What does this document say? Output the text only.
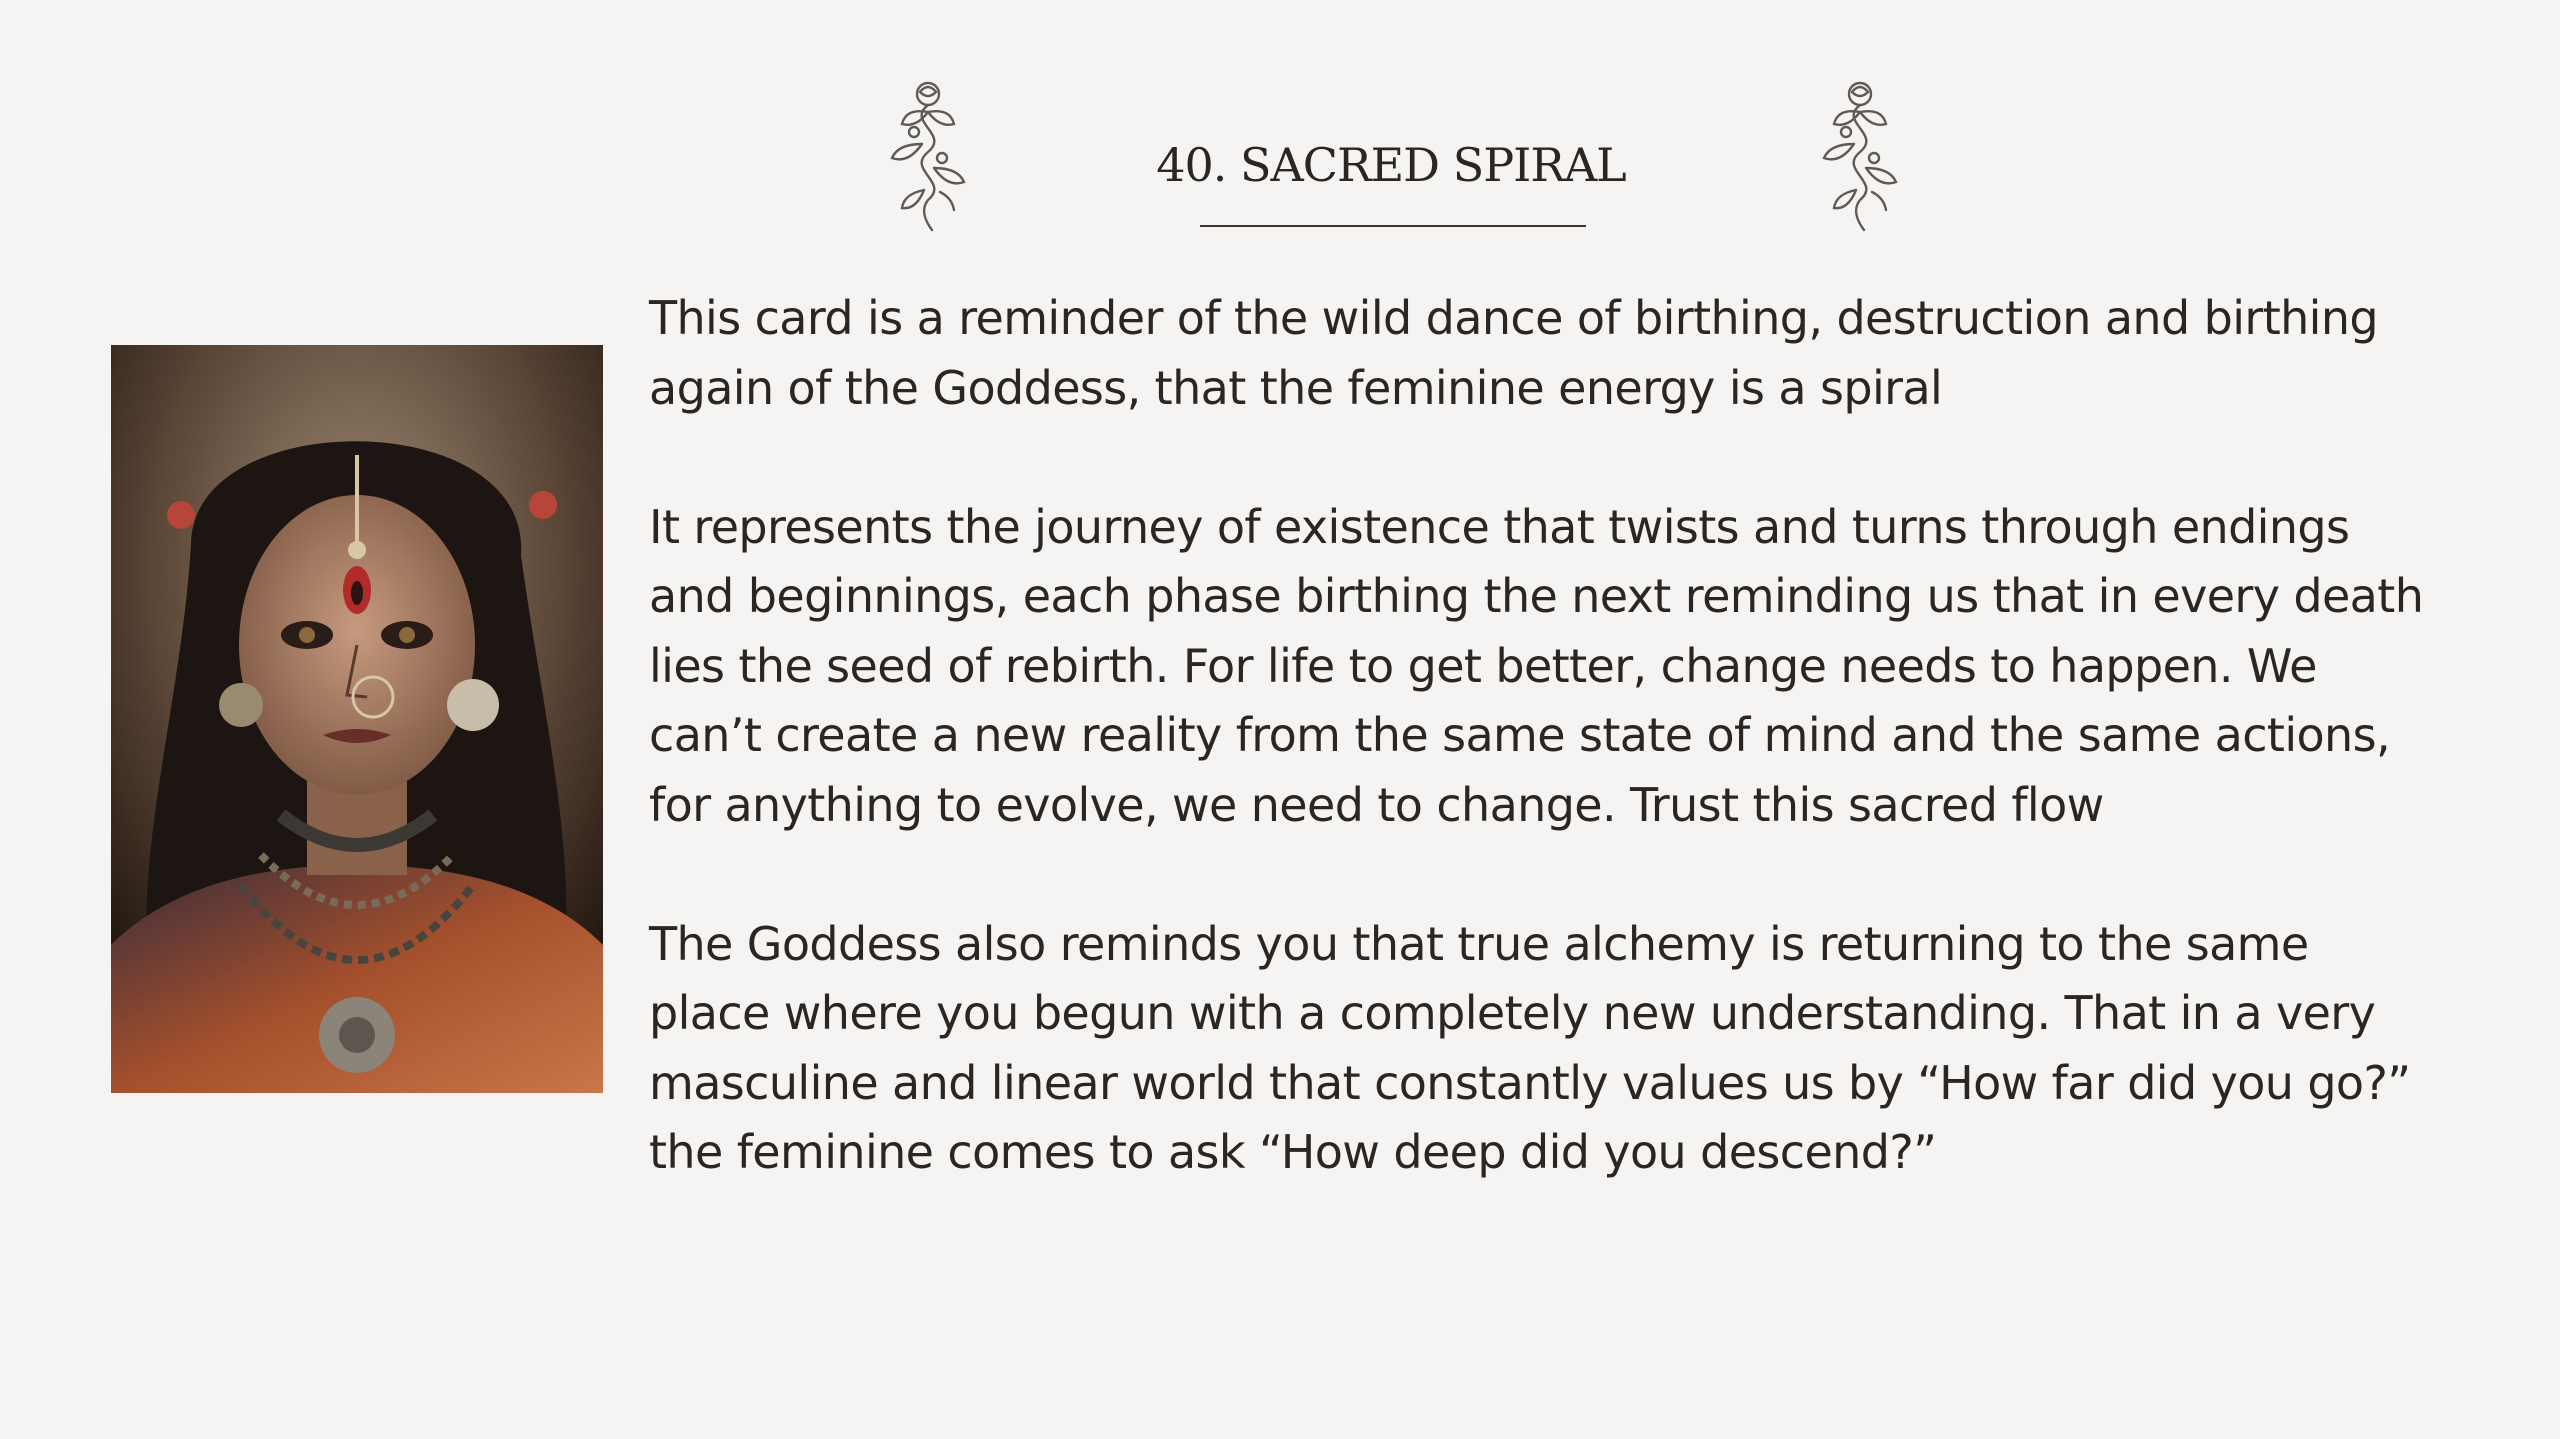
40. SACRED SPIRAL

This card is a reminder of the wild dance of birthing, destruction and birthing again of the Goddess, that the feminine energy is a spiral

It represents the journey of existence that twists and turns through endings and beginnings, each phase birthing the next reminding us that in every death lies the seed of rebirth. For life to get better, change needs to happen. We can’t create a new reality from the same state of mind and the same actions, for anything to evolve, we need to change. Trust this sacred flow

The Goddess also reminds you that true alchemy is returning to the same place where you begun with a completely new understanding. That in a very masculine and linear world that constantly values us by “How far did you go?” the feminine comes to ask “How deep did you descend?”
